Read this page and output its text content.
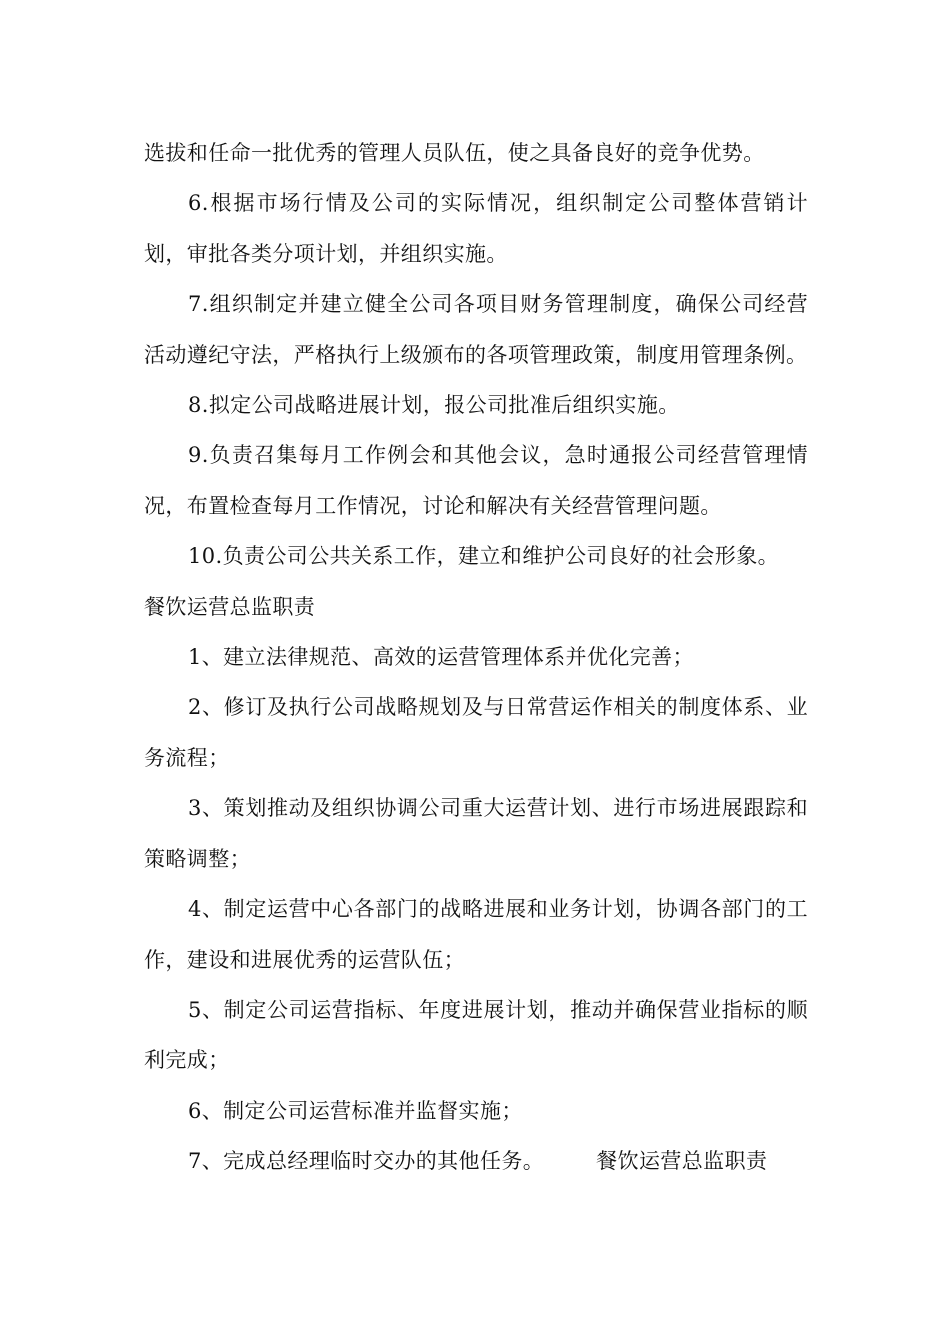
选拔和任命一批优秀的管理人员队伍，使之具备良好的竞争优势。

6.根据市场行情及公司的实际情况，组织制定公司整体营销计划，审批各类分项计划，并组织实施。

7.组织制定并建立健全公司各项目财务管理制度，确保公司经营活动遵纪守法，严格执行上级颁布的各项管理政策，制度用管理条例。

8.拟定公司战略进展计划，报公司批准后组织实施。

9.负责召集每月工作例会和其他会议，急时通报公司经营管理情况，布置检查每月工作情况，讨论和解决有关经营管理问题。

10.负责公司公共关系工作，建立和维护公司良好的社会形象。

餐饮运营总监职责

1、建立法律规范、高效的运营管理体系并优化完善；

2、修订及执行公司战略规划及与日常营运作相关的制度体系、业务流程；

3、策划推动及组织协调公司重大运营计划、进行市场进展跟踪和策略调整；

4、制定运营中心各部门的战略进展和业务计划，协调各部门的工作，建设和进展优秀的运营队伍；

5、制定公司运营指标、年度进展计划，推动并确保营业指标的顺利完成；

6、制定公司运营标准并监督实施；

7、完成总经理临时交办的其他任务。 餐饮运营总监职责
